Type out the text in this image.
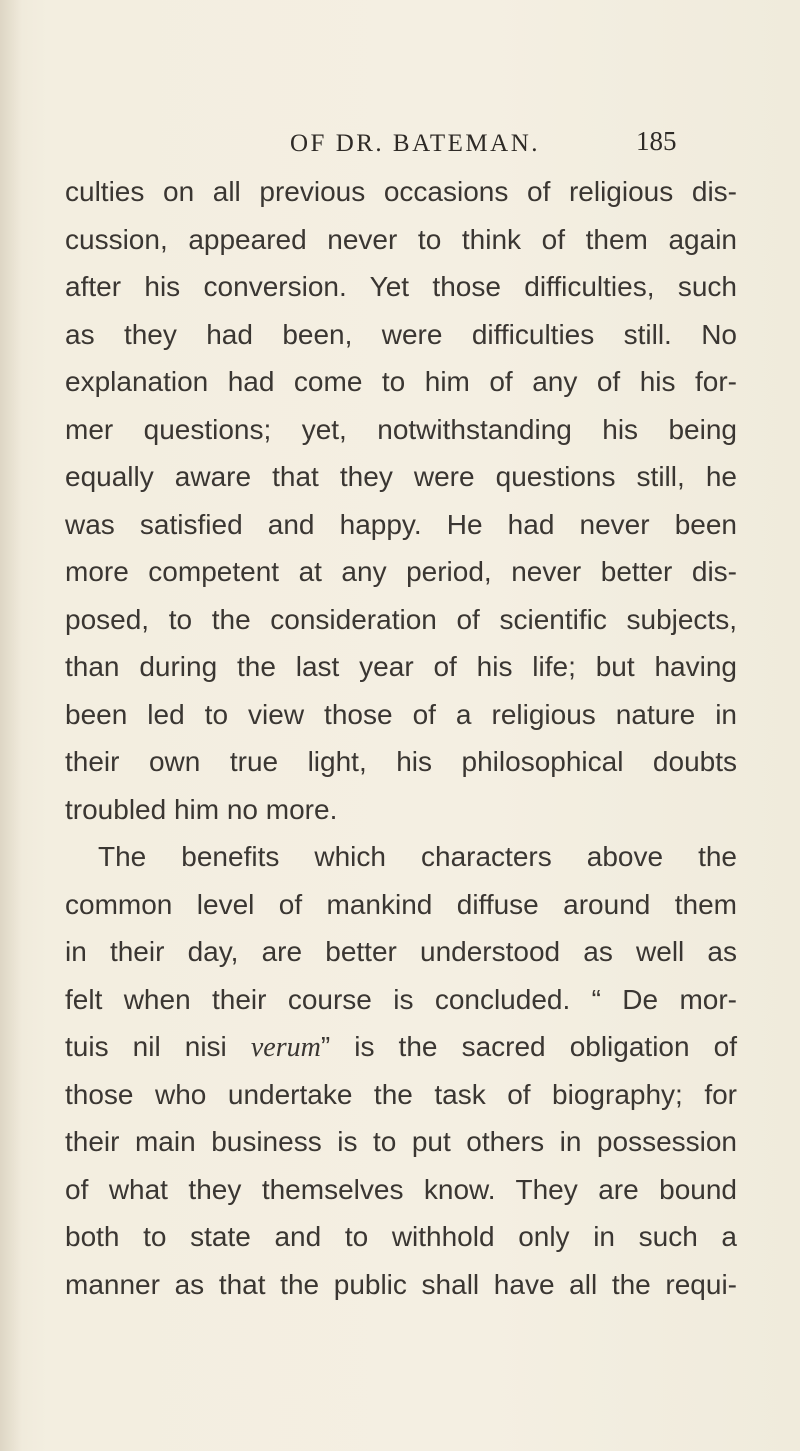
OF DR. BATEMAN.	185
culties on all previous occasions of religious dis-
cussion, appeared never to think of them again
after his conversion. Yet those difficulties, such
as they had been, were difficulties still. No
explanation had come to him of any of his for-
mer questions; yet, notwithstanding his being
equally aware that they were questions still, he
was satisfied and happy. He had never been
more competent at any period, never better dis-
posed, to the consideration of scientific subjects,
than during the last year of his life; but having
been led to view those of a religious nature in
their own true light, his philosophical doubts
troubled him no more.
The benefits which characters above the
common level of mankind diffuse around them
in their day, are better understood as well as
felt when their course is concluded. “ De mor-
tuis nil nisi verum” is the sacred obligation of
those who undertake the task of biography; for
their main business is to put others in possession
of what they themselves know. They are bound
both to state and to withhold only in such a
manner as that the public shall have all the requi-
